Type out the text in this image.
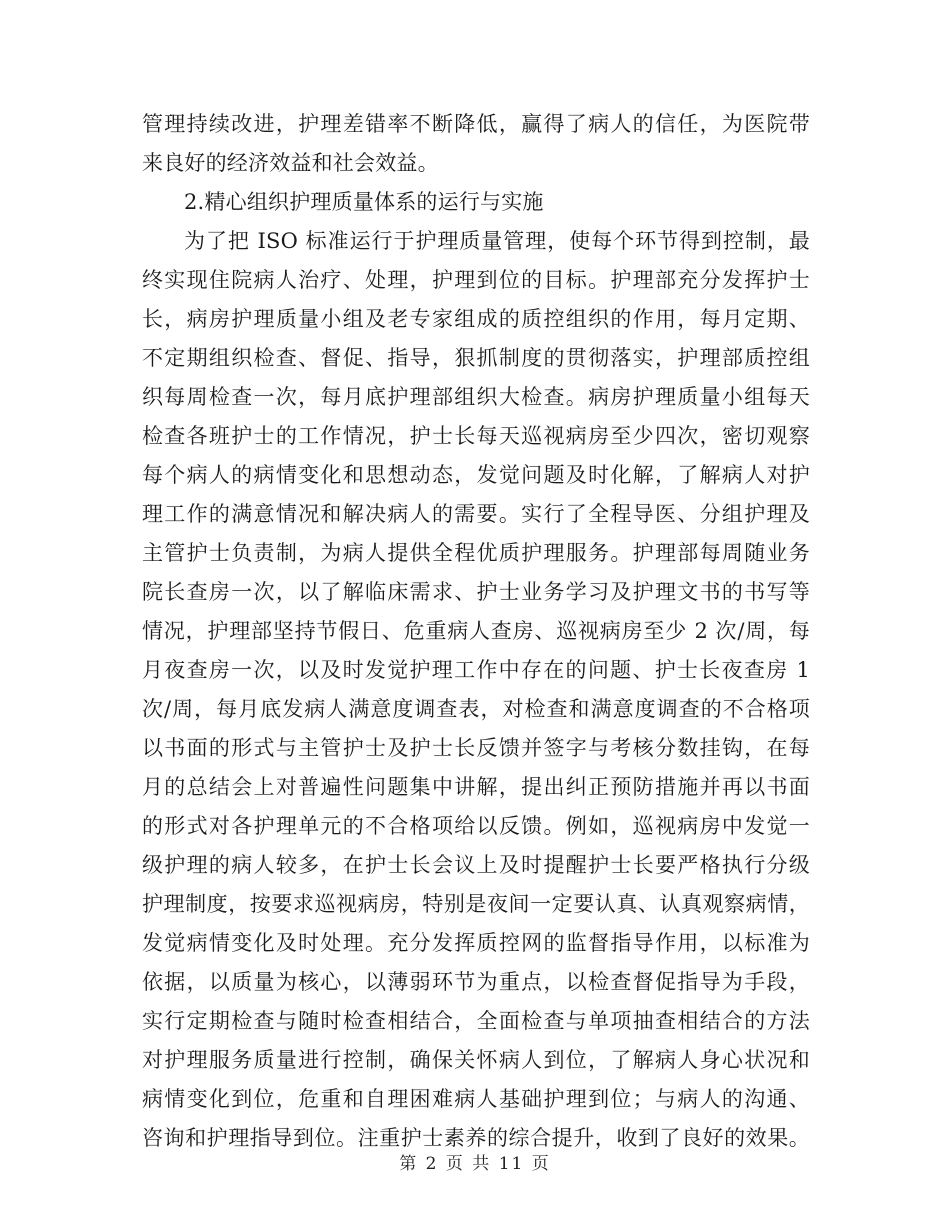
管理持续改进，护理差错率不断降低，赢得了病人的信任，为医院带
来良好的经济效益和社会效益。
2.精心组织护理质量体系的运行与实施
为了把 ISO 标准运行于护理质量管理，使每个环节得到控制，最
终实现住院病人治疗、处理，护理到位的目标。护理部充分发挥护士
长，病房护理质量小组及老专家组成的质控组织的作用，每月定期、
不定期组织检查、督促、指导，狠抓制度的贯彻落实，护理部质控组
织每周检查一次，每月底护理部组织大检查。病房护理质量小组每天
检查各班护士的工作情况，护士长每天巡视病房至少四次，密切观察
每个病人的病情变化和思想动态，发觉问题及时化解，了解病人对护
理工作的满意情况和解决病人的需要。实行了全程导医、分组护理及
主管护士负责制，为病人提供全程优质护理服务。护理部每周随业务
院长查房一次，以了解临床需求、护士业务学习及护理文书的书写等
情况，护理部坚持节假日、危重病人查房、巡视病房至少 2 次/周，每
月夜查房一次，以及时发觉护理工作中存在的问题、护士长夜查房 1
次/周，每月底发病人满意度调查表，对检查和满意度调查的不合格项
以书面的形式与主管护士及护士长反馈并签字与考核分数挂钩，在每
月的总结会上对普遍性问题集中讲解，提出纠正预防措施并再以书面
的形式对各护理单元的不合格项给以反馈。例如，巡视病房中发觉一
级护理的病人较多，在护士长会议上及时提醒护士长要严格执行分级
护理制度，按要求巡视病房，特别是夜间一定要认真、认真观察病情，
发觉病情变化及时处理。充分发挥质控网的监督指导作用，以标准为
依据，以质量为核心，以薄弱环节为重点，以检查督促指导为手段，
实行定期检查与随时检查相结合，全面检查与单项抽查相结合的方法
对护理服务质量进行控制，确保关怀病人到位，了解病人身心状况和
病情变化到位，危重和自理困难病人基础护理到位；与病人的沟通、
咨询和护理指导到位。注重护士素养的综合提升，收到了良好的效果。
第 2 页 共 11 页
